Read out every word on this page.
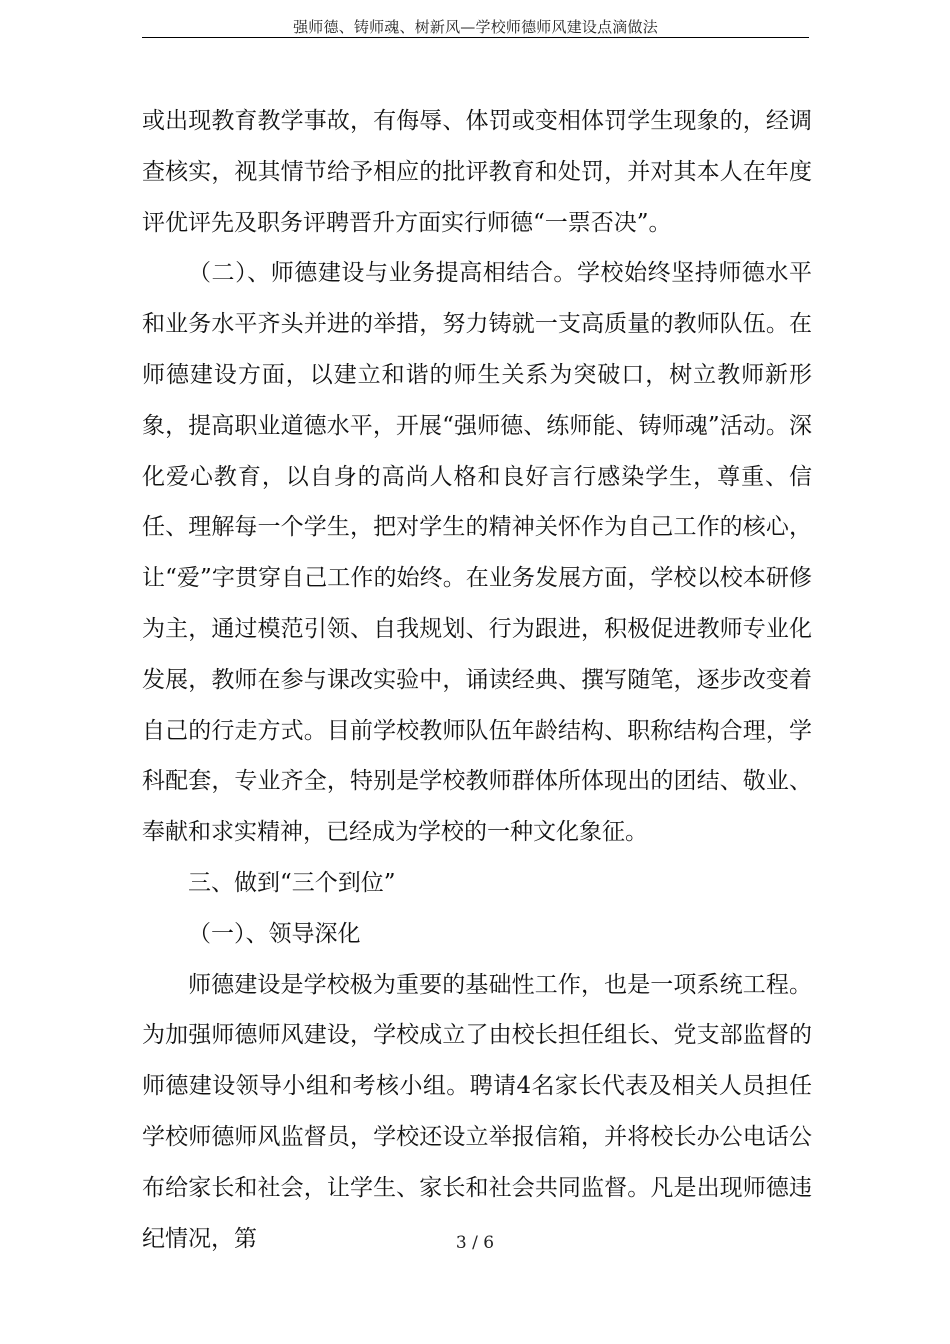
强师德、铸师魂、树新风—学校师德师风建设点滴做法

或出现教育教学事故，有侮辱、体罚或变相体罚学生现象的，经调查核实，视其情节给予相应的批评教育和处罚，并对其本人在年度评优评先及职务评聘晋升方面实行师德“一票否决”。

（二）、师德建设与业务提高相结合。学校始终坚持师德水平和业务水平齐头并进的举措，努力铸就一支高质量的教师队伍。在师德建设方面，以建立和谐的师生关系为突破口，树立教师新形象，提高职业道德水平，开展“强师德、练师能、铸师魂”活动。深化爱心教育，以自身的高尚人格和良好言行感染学生，尊重、信任、理解每一个学生，把对学生的精神关怀作为自己工作的核心，让“爱”字贯穿自己工作的始终。在业务发展方面，学校以校本研修为主，通过模范引领、自我规划、行为跟进，积极促进教师专业化发展，教师在参与课改实验中，诵读经典、撰写随笔，逐步改变着自己的行走方式。目前学校教师队伍年龄结构、职称结构合理，学科配套，专业齐全，特别是学校教师群体所体现出的团结、敬业、奉献和求实精神，已经成为学校的一种文化象征。

三、做到“三个到位”

（一）、领导深化

师德建设是学校极为重要的基础性工作，也是一项系统工程。为加强师德师风建设，学校成立了由校长担任组长、党支部监督的师德建设领导小组和考核小组。聘请4名家长代表及相关人员担任学校师德师风监督员，学校还设立举报信箱，并将校长办公电话公布给家长和社会，让学生、家长和社会共同监督。凡是出现师德违纪情况，第	3 / 6
